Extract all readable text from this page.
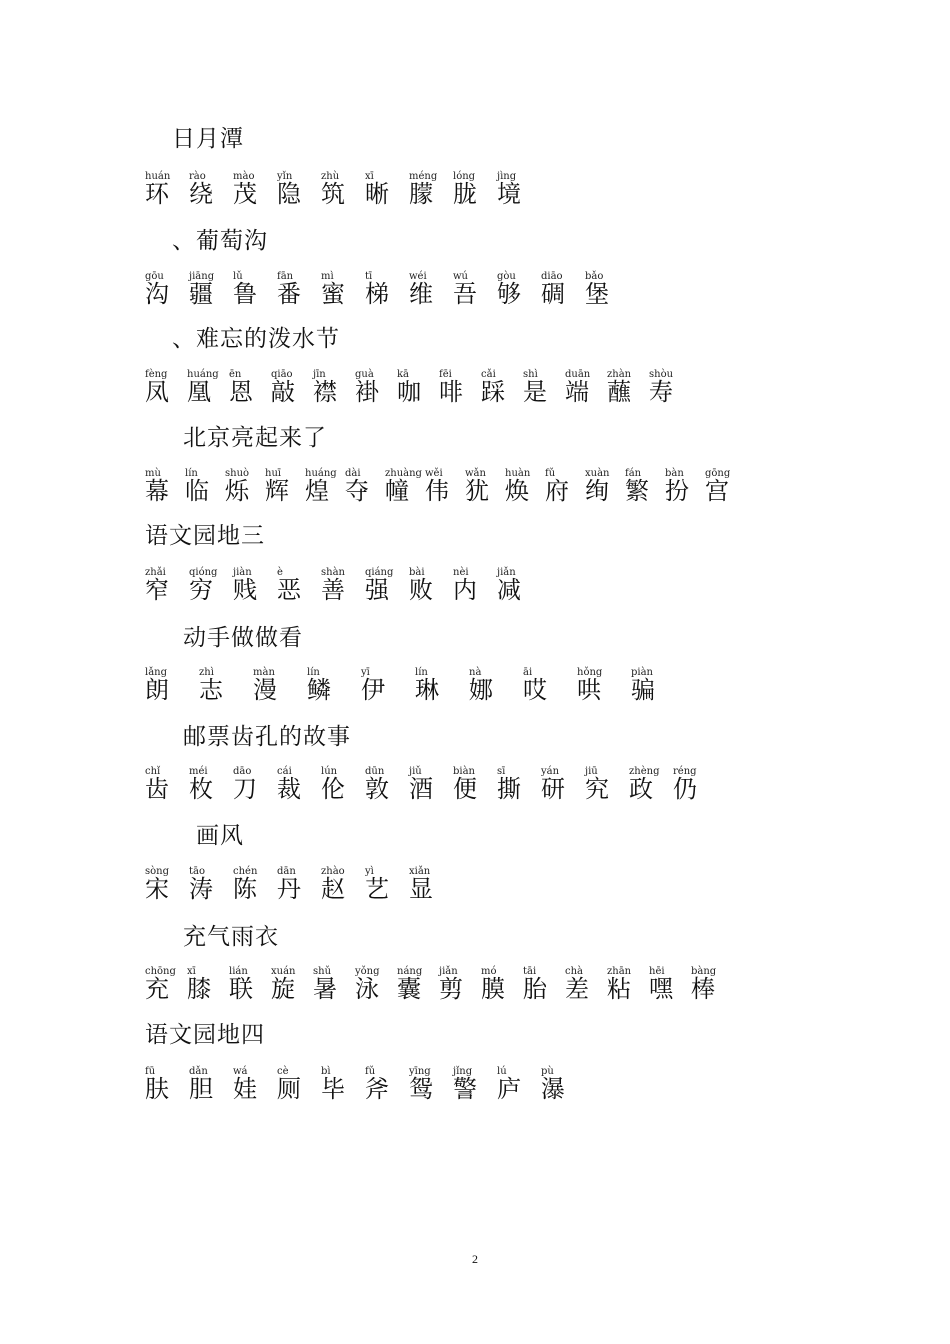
日月潭
huán
环
rào
绕
mào
茂
yǐn
隐
zhù
筑
xī
晰
méng
朦
lóng
胧
jìng
境
、葡萄沟
gōu
沟
jiāng
疆
lǔ
鲁
fān
番
mì
蜜
tī
梯
wéi
维
wú
吾
gòu
够
diāo
碉
bǎo
堡
、难忘的泼水节
fèng
凤
huáng
凰
ēn
恩
qiāo
敲
jīn
襟
guà
褂
kā
咖
fēi
啡
cǎi
踩
shì
是
duān
端
zhàn
蘸
shòu
寿
北京亮起来了
mù
幕
lín
临
shuò
烁
huī
辉
huáng
煌
dài
夺
zhuàng
幢
wěi
伟
wǎn
犹
huàn
焕
fǔ
府
xuàn
绚
fán
繁
bàn
扮
gōng
宫
语文园地三
zhǎi
窄
qióng
穷
jiàn
贱
è
恶
shàn
善
qiáng
强
bài
败
nèi
内
jiǎn
减
动手做做看
lǎng
朗
zhì
志
màn
漫
lín
鳞
yī
伊
lín
琳
nà
娜
āi
哎
hǒng
哄
piàn
骗
邮票齿孔的故事
chǐ
齿
méi
枚
dāo
刀
cái
裁
lún
伦
dūn
敦
jiǔ
酒
biàn
便
sī
撕
yán
研
jiū
究
zhèng
政
réng
仍
画风
sòng
宋
tāo
涛
chén
陈
dān
丹
zhào
赵
yì
艺
xiǎn
显
充气雨衣
chōng
充
xī
膝
lián
联
xuán
旋
shǔ
暑
yǒng
泳
náng
囊
jiǎn
剪
mó
膜
tāi
胎
chà
差
zhān
粘
hēi
嘿
bàng
棒
语文园地四
fū
肤
dǎn
胆
wá
娃
cè
厕
bì
毕
fǔ
斧
yīng
鸳
jǐng
警
lú
庐
pù
瀑
2
